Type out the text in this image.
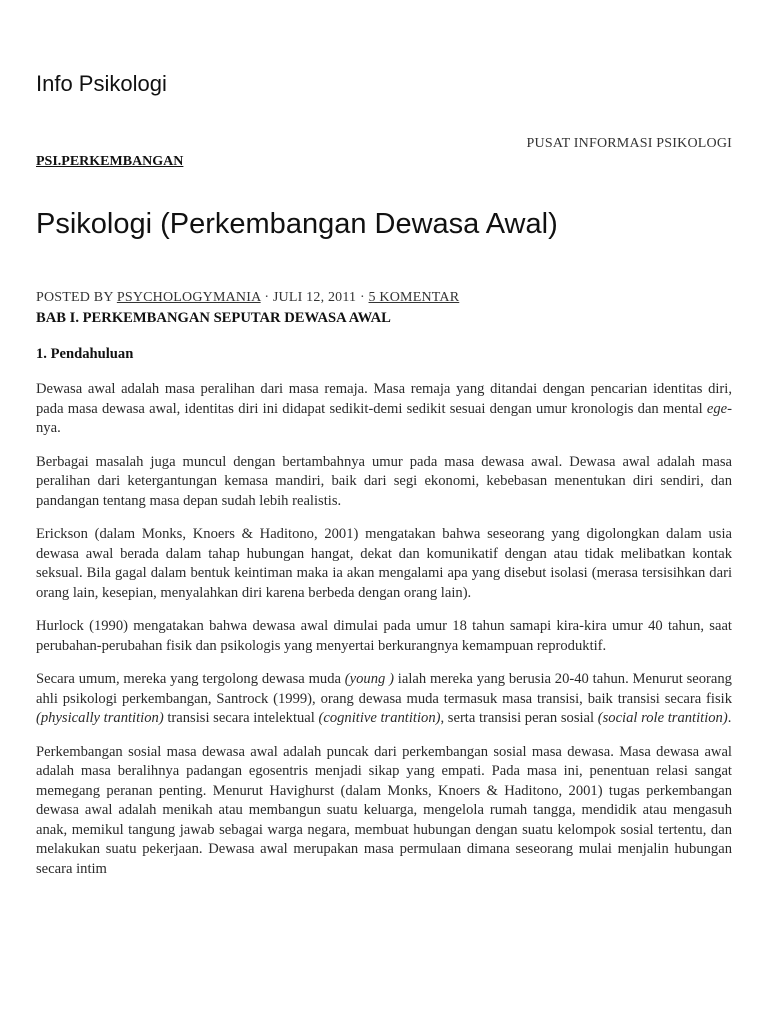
Info Psikologi
PUSAT INFORMASI PSIKOLOGI
PSI.PERKEMBANGAN
Psikologi (Perkembangan Dewasa Awal)
POSTED BY PSYCHOLOGYMANIA · JULI 12, 2011 · 5 KOMENTAR
BAB I. PERKEMBANGAN SEPUTAR DEWASA AWAL
1. Pendahuluan

Dewasa awal adalah masa peralihan dari masa remaja. Masa remaja yang ditandai dengan pencarian identitas diri, pada masa dewasa awal, identitas diri ini didapat sedikit-demi sedikit sesuai dengan umur kronologis dan mental ege-nya.

Berbagai masalah juga muncul dengan bertambahnya umur pada masa dewasa awal. Dewasa awal adalah masa peralihan dari ketergantungan kemasa mandiri, baik dari segi ekonomi, kebebasan menentukan diri sendiri, dan pandangan tentang masa depan sudah lebih realistis.

Erickson (dalam Monks, Knoers & Haditono, 2001) mengatakan bahwa seseorang yang digolongkan dalam usia dewasa awal berada dalam tahap hubungan hangat, dekat dan komunikatif dengan atau tidak melibatkan kontak seksual. Bila gagal dalam bentuk keintiman maka ia akan mengalami apa yang disebut isolasi (merasa tersisihkan dari orang lain, kesepian, menyalahkan diri karena berbeda dengan orang lain).

Hurlock (1990) mengatakan bahwa dewasa awal dimulai pada umur 18 tahun samapi kira-kira umur 40 tahun, saat perubahan-perubahan fisik dan psikologis yang menyertai berkurangnya kemampuan reproduktif.

Secara umum, mereka yang tergolong dewasa muda (young ) ialah mereka yang berusia 20-40 tahun. Menurut seorang ahli psikologi perkembangan, Santrock (1999), orang dewasa muda termasuk masa transisi, baik transisi secara fisik (physically trantition) transisi secara intelektual (cognitive trantition), serta transisi peran sosial (social role trantition).

Perkembangan sosial masa dewasa awal adalah puncak dari perkembangan sosial masa dewasa. Masa dewasa awal adalah masa beralihnya padangan egosentris menjadi sikap yang empati. Pada masa ini, penentuan relasi sangat memegang peranan penting. Menurut Havighurst (dalam Monks, Knoers & Haditono, 2001) tugas perkembangan dewasa awal adalah menikah atau membangun suatu keluarga, mengelola rumah tangga, mendidik atau mengasuh anak, memikul tangung jawab sebagai warga negara, membuat hubungan dengan suatu kelompok sosial tertentu, dan melakukan suatu pekerjaan. Dewasa awal merupakan masa permulaan dimana seseorang mulai menjalin hubungan secara intim
